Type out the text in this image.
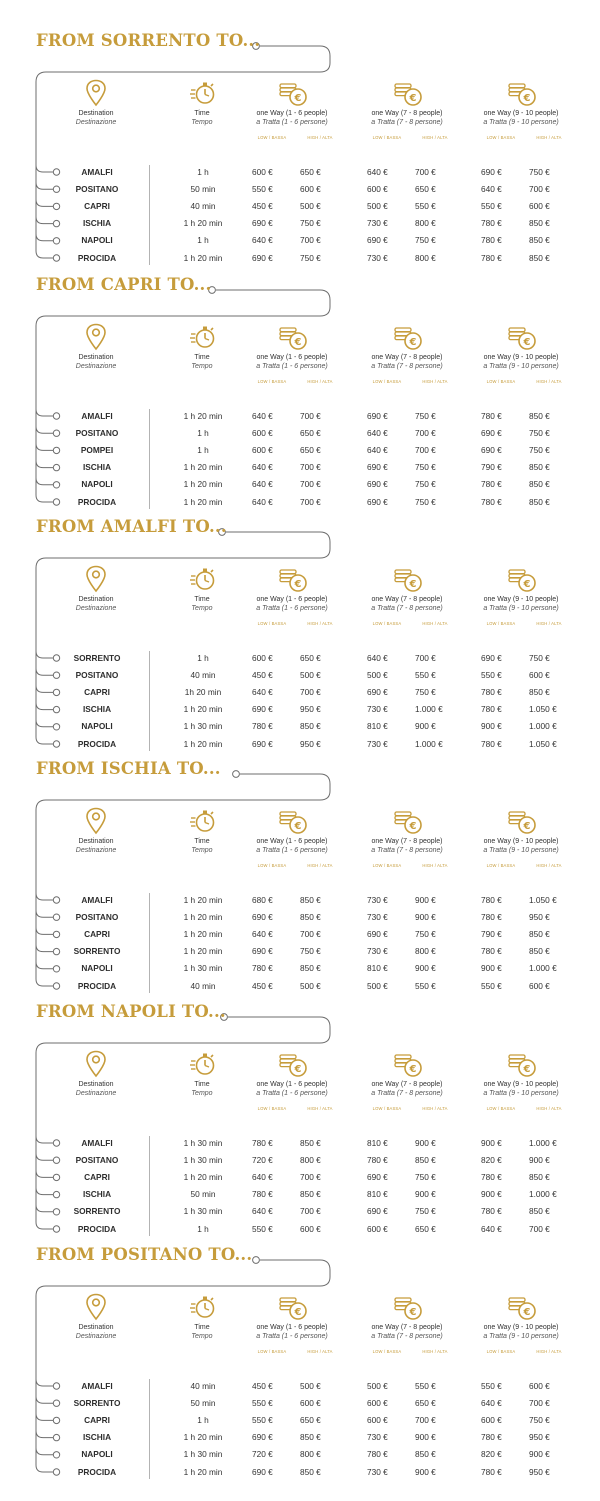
FROM SORRENTO TO...
€	€	€
Destination

Destinazione
Time

Tempo
one Way (1 - 6 people)

a Tratta (1 - 6 persone)
one Way (7 - 8 people)

a Tratta (7 - 8 persone)
one Way (9 - 10 people)

a Tratta (9 - 10 persone)
LOW / BASSA	HIGH / ALTA	LOW / BASSA	HIGH / ALTA	LOW / BASSA	HIGH / ALTA
AMALFI	1 h	600 €	650 €	640 €	700 €	690 €	750 €
POSITANO	50 min	550 €	600 €	600 €	650 €	640 €	700 €
CAPRI	40 min	450 €	500 €	500 €	550 €	550 €	600 €
ISCHIA	1 h 20 min	690 €	750 €	730 €	800 €	780 €	850 €
NAPOLI	1 h	640 €	700 €	690 €	750 €	780 €	850 €
PROCIDA	1 h 20 min	690 €	750 €	730 €	800 €	780 €	850 €
FROM CAPRI TO...
€	€	€
Destination

Destinazione
Time

Tempo
one Way (1 - 6 people)

a Tratta (1 - 6 persone)
one Way (7 - 8 people)

a Tratta (7 - 8 persone)
one Way (9 - 10 people)

a Tratta (9 - 10 persone)
LOW / BASSA	HIGH / ALTA	LOW / BASSA	HIGH / ALTA	LOW / BASSA	HIGH / ALTA
AMALFI	1 h 20 min	640 €	700 €	690 €	750 €	780 €	850 €
POSITANO	1 h	600 €	650 €	640 €	700 €	690 €	750 €
POMPEI	1 h	600 €	650 €	640 €	700 €	690 €	750 €
ISCHIA	1 h 20 min	640 €	700 €	690 €	750 €	790 €	850 €
NAPOLI	1 h 20 min	640 €	700 €	690 €	750 €	780 €	850 €
PROCIDA	1 h 20 min	640 €	700 €	690 €	750 €	780 €	850 €
FROM AMALFI TO...
€	€	€
Destination

Destinazione
Time

Tempo
one Way (1 - 6 people)

a Tratta (1 - 6 persone)
one Way (7 - 8 people)

a Tratta (7 - 8 persone)
one Way (9 - 10 people)

a Tratta (9 - 10 persone)
LOW / BASSA	HIGH / ALTA	LOW / BASSA	HIGH / ALTA	LOW / BASSA	HIGH / ALTA
SORRENTO	1 h	600 €	650 €	640 €	700 €	690 €	750 €
POSITANO	40 min	450 €	500 €	500 €	550 €	550 €	600 €
CAPRI	1h 20 min	640 €	700 €	690 €	750 €	780 €	850 €
ISCHIA	1 h 20 min	690 €	950 €	730 €	1.000 €	780 €	1.050 €
NAPOLI	1 h 30 min	780 €	850 €	810 €	900 €	900 €	1.000 €
PROCIDA	1 h 20 min	690 €	950 €	730 €	1.000 €	780 €	1.050 €
FROM ISCHIA TO...
€	€	€
Destination

Destinazione
Time

Tempo
one Way (1 - 6 people)

a Tratta (1 - 6 persone)
one Way (7 - 8 people)

a Tratta (7 - 8 persone)
one Way (9 - 10 people)

a Tratta (9 - 10 persone)
LOW / BASSA	HIGH / ALTA	LOW / BASSA	HIGH / ALTA	LOW / BASSA	HIGH / ALTA
AMALFI	1 h 20 min	680 €	850 €	730 €	900 €	780 €	1.050 €
POSITANO	1 h 20 min	690 €	850 €	730 €	900 €	780 €	950 €
CAPRI	1 h 20 min	640 €	700 €	690 €	750 €	790 €	850 €
SORRENTO	1 h 20 min	690 €	750 €	730 €	800 €	780 €	850 €
NAPOLI	1 h 30 min	780 €	850 €	810 €	900 €	900 €	1.000 €
PROCIDA	40 min	450 €	500 €	500 €	550 €	550 €	600 €
FROM NAPOLI TO...
€	€	€
Destination

Destinazione
Time

Tempo
one Way (1 - 6 people)

a Tratta (1 - 6 persone)
one Way (7 - 8 people)

a Tratta (7 - 8 persone)
one Way (9 - 10 people)

a Tratta (9 - 10 persone)
LOW / BASSA	HIGH / ALTA	LOW / BASSA	HIGH / ALTA	LOW / BASSA	HIGH / ALTA
AMALFI	1 h 30 min	780 €	850 €	810 €	900 €	900 €	1.000 €
POSITANO	1 h 30 min	720 €	800 €	780 €	850 €	820 €	900 €
CAPRI	1 h 20 min	640 €	700 €	690 €	750 €	780 €	850 €
ISCHIA	50 min	780 €	850 €	810 €	900 €	900 €	1.000 €
SORRENTO	1 h 30 min	640 €	700 €	690 €	750 €	780 €	850 €
PROCIDA	1 h	550 €	600 €	600 €	650 €	640 €	700 €
FROM POSITANO TO...
€	€	€
Destination

Destinazione
Time

Tempo
one Way (1 - 6 people)

a Tratta (1 - 6 persone)
one Way (7 - 8 people)

a Tratta (7 - 8 persone)
one Way (9 - 10 people)

a Tratta (9 - 10 persone)
LOW / BASSA	HIGH / ALTA	LOW / BASSA	HIGH / ALTA	LOW / BASSA	HIGH / ALTA
AMALFI	40 min	450 €	500 €	500 €	550 €	550 €	600 €
SORRENTO	50 min	550 €	600 €	600 €	650 €	640 €	700 €
CAPRI	1 h	550 €	650 €	600 €	700 €	600 €	750 €
ISCHIA	1 h 20 min	690 €	850 €	730 €	900 €	780 €	950 €
NAPOLI	1 h 30 min	720 €	800 €	780 €	850 €	820 €	900 €
PROCIDA	1 h 20 min	690 €	850 €	730 €	900 €	780 €	950 €
